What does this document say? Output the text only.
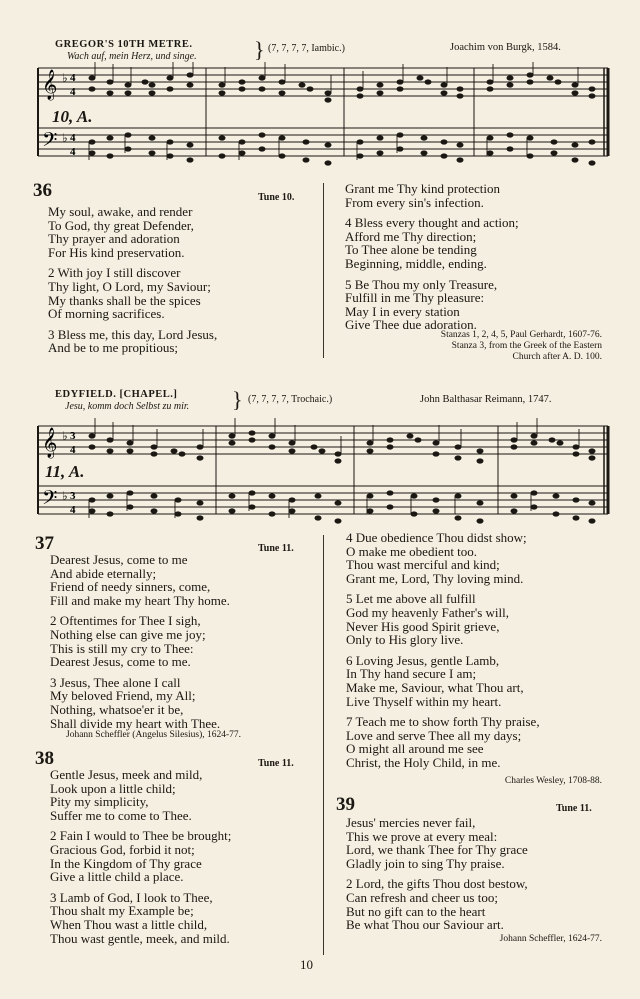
GREGOR'S 10TH METRE.
Wach auf, mein Herz, und singe.	} (7, 7, 7, 7, Iambic.)	Joachim von Burgk, 1584.
𝄞
𝄢
♭
♭
4
4
4
4
10, A.
36	Tune 10.
My soul, awake, and render
To God, thy great Defender,
Thy prayer and adoration
For His kind preservation.
2 With joy I still discover
Thy light, O Lord, my Saviour;
My thanks shall be the spices
Of morning sacrifices.
3 Bless me, this day, Lord Jesus,
And be to me propitious;
Grant me Thy kind protection
From every sin's infection.
4 Bless every thought and action;
Afford me Thy direction;
To Thee alone be tending
Beginning, middle, ending.
5 Be Thou my only Treasure,
Fulfill in me Thy pleasure:
May I in every station
Give Thee due adoration.
Stanzas 1, 2, 4, 5, Paul Gerhardt, 1607-76.
Stanza 3, from the Greek of the Eastern
Church after A. D. 100.
EDYFIELD. [CHAPEL.]
Jesu, komm doch Selbst zu mir. } (7, 7, 7, 7, Trochaic.)	John Balthasar Reimann, 1747.
𝄞
𝄢
♭
♭
3
4
3
4
11, A.
37	Tune 11.
Dearest Jesus, come to me
And abide eternally;
Friend of needy sinners, come,
Fill and make my heart Thy home.
2 Oftentimes for Thee I sigh,
Nothing else can give me joy;
This is still my cry to Thee:
Dearest Jesus, come to me.
3 Jesus, Thee alone I call
My beloved Friend, my All;
Nothing, whatsoe'er it be,
Shall divide my heart with Thee.
Johann Scheffler (Angelus Silesius), 1624-77.
4 Due obedience Thou didst show;
O make me obedient too.
Thou wast merciful and kind;
Grant me, Lord, Thy loving mind.
5 Let me above all fulfill
God my heavenly Father's will,
Never His good Spirit grieve,
Only to His glory live.
6 Loving Jesus, gentle Lamb,
In Thy hand secure I am;
Make me, Saviour, what Thou art,
Live Thyself within my heart.
7 Teach me to show forth Thy praise,
Love and serve Thee all my days;
O might all around me see
Christ, the Holy Child, in me.
Charles Wesley, 1708-88.
38	Tune 11.
Gentle Jesus, meek and mild,
Look upon a little child;
Pity my simplicity,
Suffer me to come to Thee.
2 Fain I would to Thee be brought;
Gracious God, forbid it not;
In the Kingdom of Thy grace
Give a little child a place.
3 Lamb of God, I look to Thee,
Thou shalt my Example be;
When Thou wast a little child,
Thou wast gentle, meek, and mild.
39	Tune 11.
Jesus' mercies never fail,
This we prove at every meal:
Lord, we thank Thee for Thy grace
Gladly join to sing Thy praise.
2 Lord, the gifts Thou dost bestow,
Can refresh and cheer us too;
But no gift can to the heart
Be what Thou our Saviour art.
Johann Scheffler, 1624-77.
10
